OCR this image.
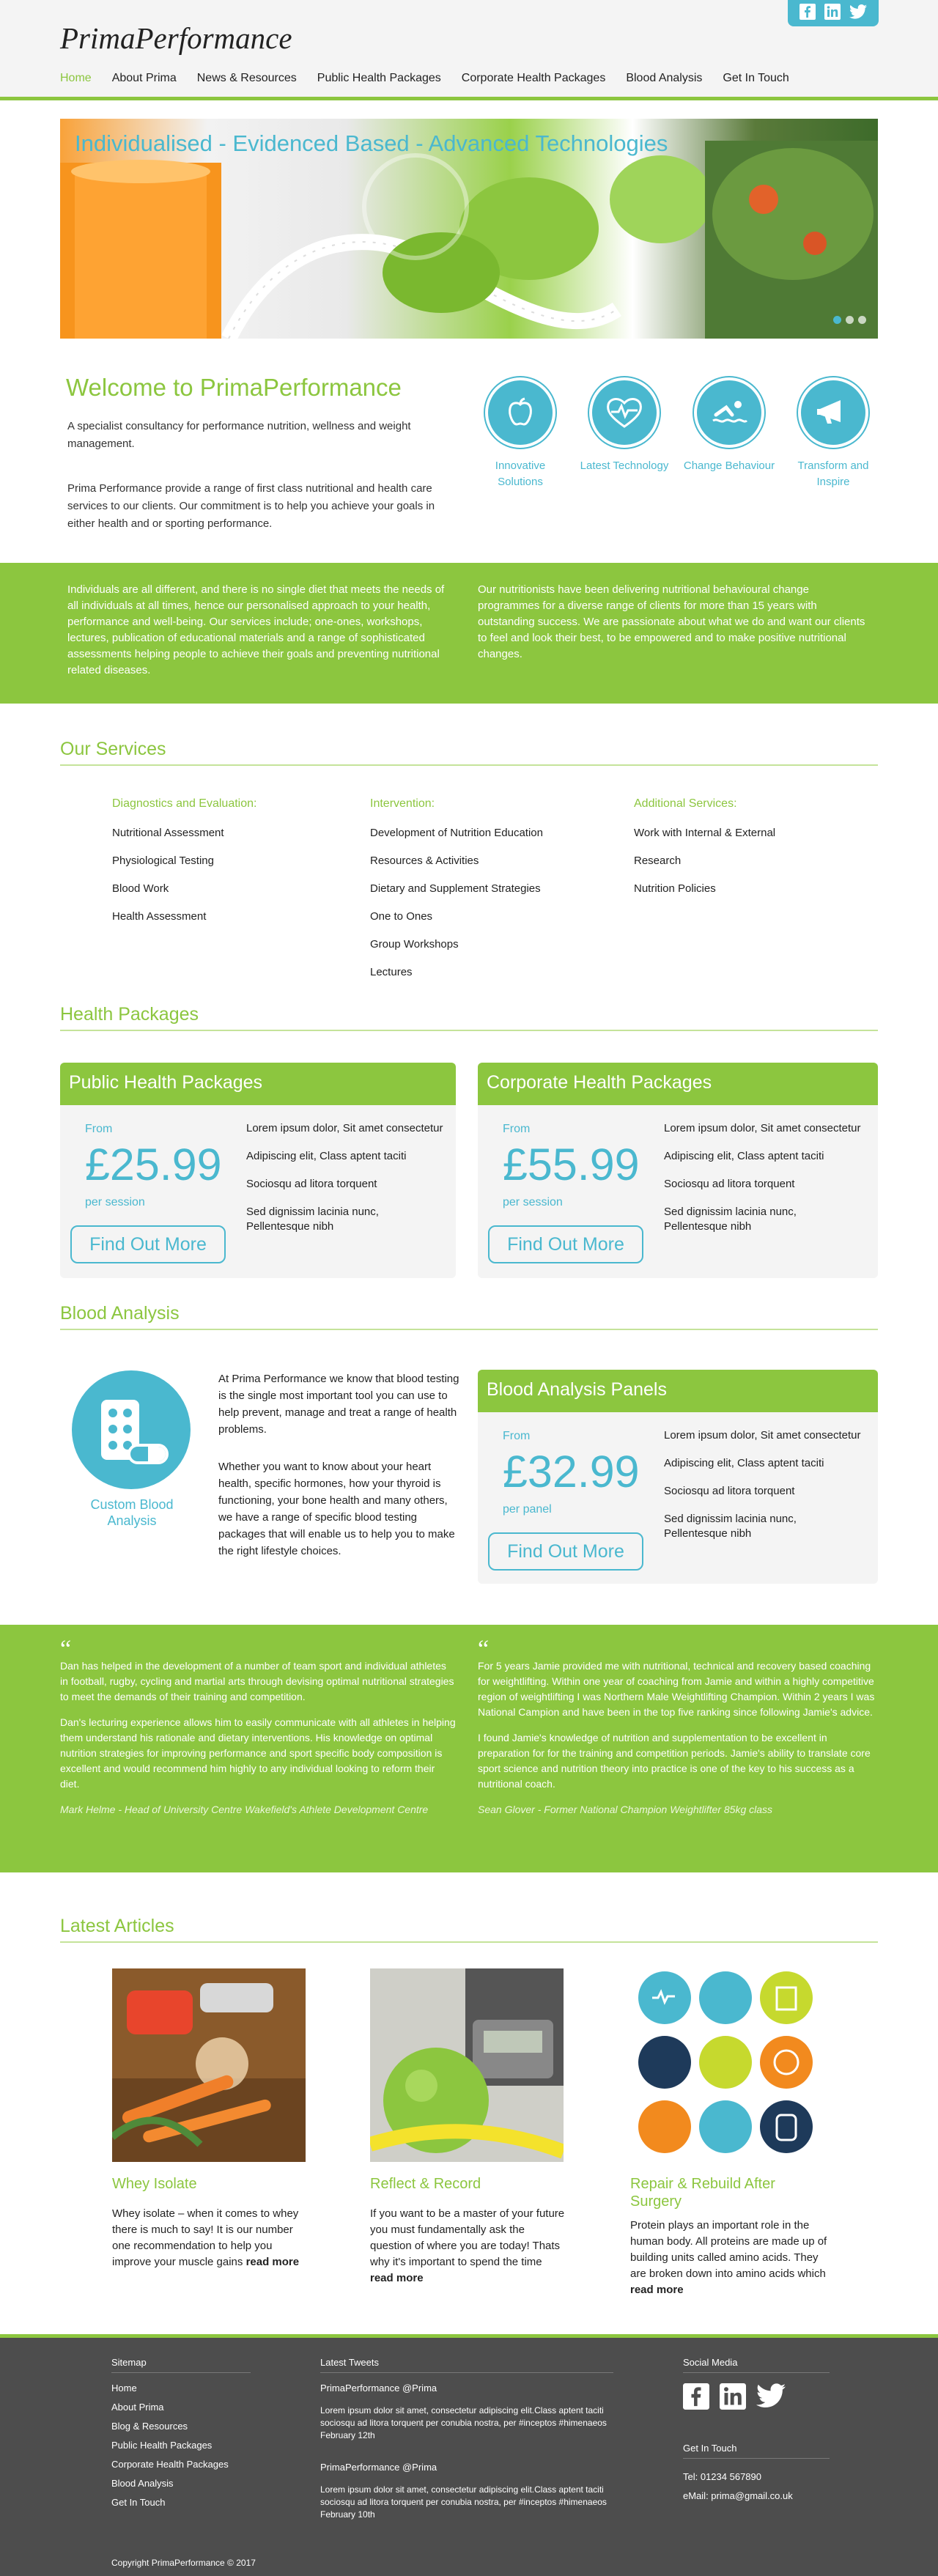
PrimaPerformance
Home About Prima News & Resources Public Health Packages Corporate Health Packages Blood Analysis Get In Touch
Individualised - Evidenced Based - Advanced Technologies
Welcome to PrimaPerformance
A specialist consultancy for performance nutrition, wellness and weight management.
Prima Performance provide a range of first class nutritional and health care services to our clients. Our commitment is to help you achieve your goals in either health and or sporting performance.
Innovative Solutions
Latest Technology	Change Behaviour	Transform and Inspire
Individuals are all different, and there is no single diet that meets the needs of all individuals at all times, hence our personalised approach to your health, performance and well-being. Our services include; one-ones, workshops, lectures, publication of educational materials and a range of sophisticated assessments helping people to achieve their goals and preventing nutritional related diseases.
Our nutritionists have been delivering nutritional behavioural change programmes for a diverse range of clients for more than 15 years with outstanding success. We are passionate about what we do and want our clients to feel and look their best, to be empowered and to make positive nutritional changes.
Our Services
Diagnostics and Evaluation:
Nutritional Assessment
Physiological Testing
Blood Work
Health Assessment
Intervention:
Development of Nutrition Education
Resources & Activities
Dietary and Supplement Strategies
One to Ones
Group Workshops
Lectures
Additional Services:
Work with Internal & External
Research
Nutrition Policies
Health Packages
Public Health Packages
From
£25.99
per session
Find Out More
Lorem ipsum dolor, Sit amet consectetur
Adipiscing elit, Class aptent taciti
Sociosqu ad litora torquent
Sed dignissim lacinia nunc, Pellentesque nibh
Corporate Health Packages
From
£55.99
per session
Find Out More
Lorem ipsum dolor, Sit amet consectetur
Adipiscing elit, Class aptent taciti
Sociosqu ad litora torquent
Sed dignissim lacinia nunc, Pellentesque nibh
Blood Analysis
Custom Blood Analysis
At Prima Performance we know that blood testing is the single most important tool you can use to help prevent, manage and treat a range of health problems.
Whether you want to know about your heart health, specific hormones, how your thyroid is functioning, your bone health and many others, we have a range of specific blood testing packages that will enable us to help you to make the right lifestyle choices.
Blood Analysis Panels
From
£32.99
per panel
Find Out More
Lorem ipsum dolor, Sit amet consectetur
Adipiscing elit, Class aptent taciti
Sociosqu ad litora torquent
Sed dignissim lacinia nunc, Pellentesque nibh
“
Dan has helped in the development of a number of team sport and individual athletes in football, rugby, cycling and martial arts through devising optimal nutritional strategies to meet the demands of their training and competition.
Dan's lecturing experience allows him to easily communicate with all athletes in helping them understand his rationale and dietary interventions. His knowledge on optimal nutrition strategies for improving performance and sport specific body composition is excellent and would recommend him highly to any individual looking to reform their diet.
Mark Helme - Head of University Centre Wakefield's Athlete Development Centre
“
For 5 years Jamie provided me with nutritional, technical and recovery based coaching for weightlifting. Within one year of coaching from Jamie and within a highly competitive region of weightlifting I was Northern Male Weightlifting Champion. Within 2 years I was National Campion and have been in the top five ranking since following Jamie's advice.
I found Jamie's knowledge of nutrition and supplementation to be excellent in preparation for for the training and competition periods. Jamie's ability to translate core sport science and nutrition theory into practice is one of the key to his success as a nutritional coach.
Sean Glover - Former National Champion Weightlifter 85kg class
Latest Articles
Whey Isolate
Whey isolate – when it comes to whey there is much to say! It is our number one recommendation to help you improve your muscle gains read more
Reflect & Record
If you want to be a master of your future you must fundamentally ask the question of where you are today! Thats why it's important to spend the time read more
Repair & Rebuild After Surgery
Protein plays an important role in the human body. All proteins are made up of building units called amino acids. They are broken down into amino acids which read more
Sitemap
Home
About Prima
Blog & Resources
Public Health Packages
Corporate Health Packages
Blood Analysis
Get In Touch
Latest Tweets
PrimaPerformance @Prima
Lorem ipsum dolor sit amet, consectetur adipiscing elit.Class aptent taciti sociosqu ad litora torquent per conubia nostra, per #inceptos #himenaeos
February 12th
PrimaPerformance @Prima
Lorem ipsum dolor sit amet, consectetur adipiscing elit.Class aptent taciti sociosqu ad litora torquent per conubia nostra, per #inceptos #himenaeos
February 10th
Social Media
Get In Touch
Tel: 01234 567890
eMail: prima@gmail.co.uk
Copyright PrimaPerformance © 2017
